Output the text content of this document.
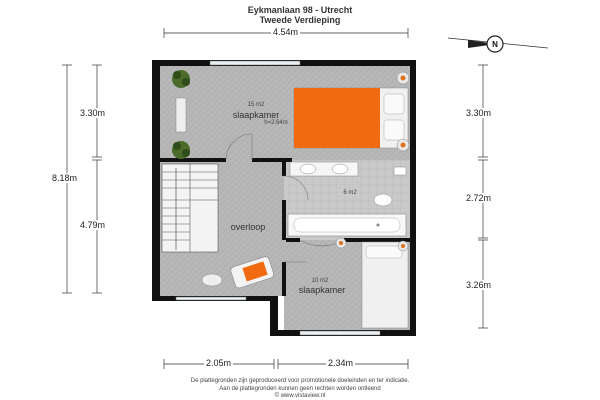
Eykmanlaan 98 - Utrecht
Tweede Verdieping
N
4.54m
8.18m
3.30m
4.79m
3.30m
2.72m
3.26m
2.05m	2.34m
15 m2
slaapkamer
h=2.64m
6 m2
overloop
10 m2
slaapkamer
De plattegronden zijn geproduceerd voor promotionele doeleinden en ter indicatie.
Aan de plattegronden kunnen geen rechten worden ontleend
© www.vistaview.nl
